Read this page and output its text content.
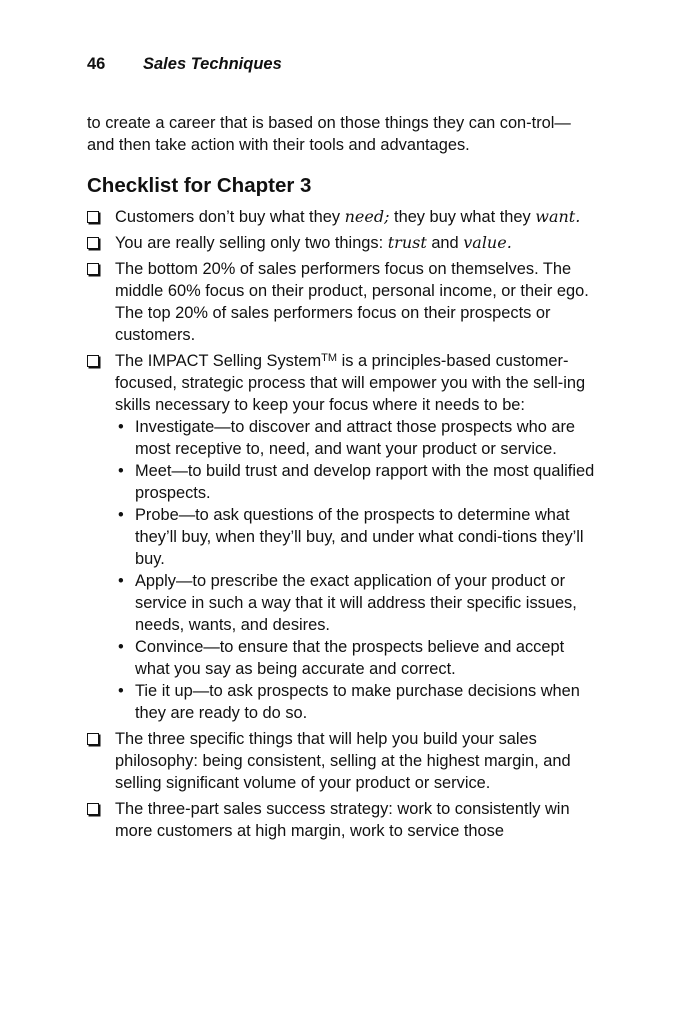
46 Sales Techniques

to create a career that is based on those things they can con-trol—and then take action with their tools and advantages.

Checklist for Chapter 3
Customers don’t buy what they need; they buy what they want.
You are really selling only two things: trust and value.
The bottom 20% of sales performers focus on themselves. The middle 60% focus on their product, personal income, or their ego. The top 20% of sales performers focus on their prospects or customers.
The IMPACT Selling System™ is a principles-based customer-focused, strategic process that will empower you with the sell-ing skills necessary to keep your focus where it needs to be:
• Investigate—to discover and attract those prospects who are most receptive to, need, and want your product or service.
• Meet—to build trust and develop rapport with the most qualified prospects.
• Probe—to ask questions of the prospects to determine what they’ll buy, when they’ll buy, and under what condi-tions they’ll buy.
• Apply—to prescribe the exact application of your product or service in such a way that it will address their specific issues, needs, wants, and desires.
• Convince—to ensure that the prospects believe and accept what you say as being accurate and correct.
• Tie it up—to ask prospects to make purchase decisions when they are ready to do so.
The three specific things that will help you build your sales philosophy: being consistent, selling at the highest margin, and selling significant volume of your product or service.
The three-part sales success strategy: work to consistently win more customers at high margin, work to service those
